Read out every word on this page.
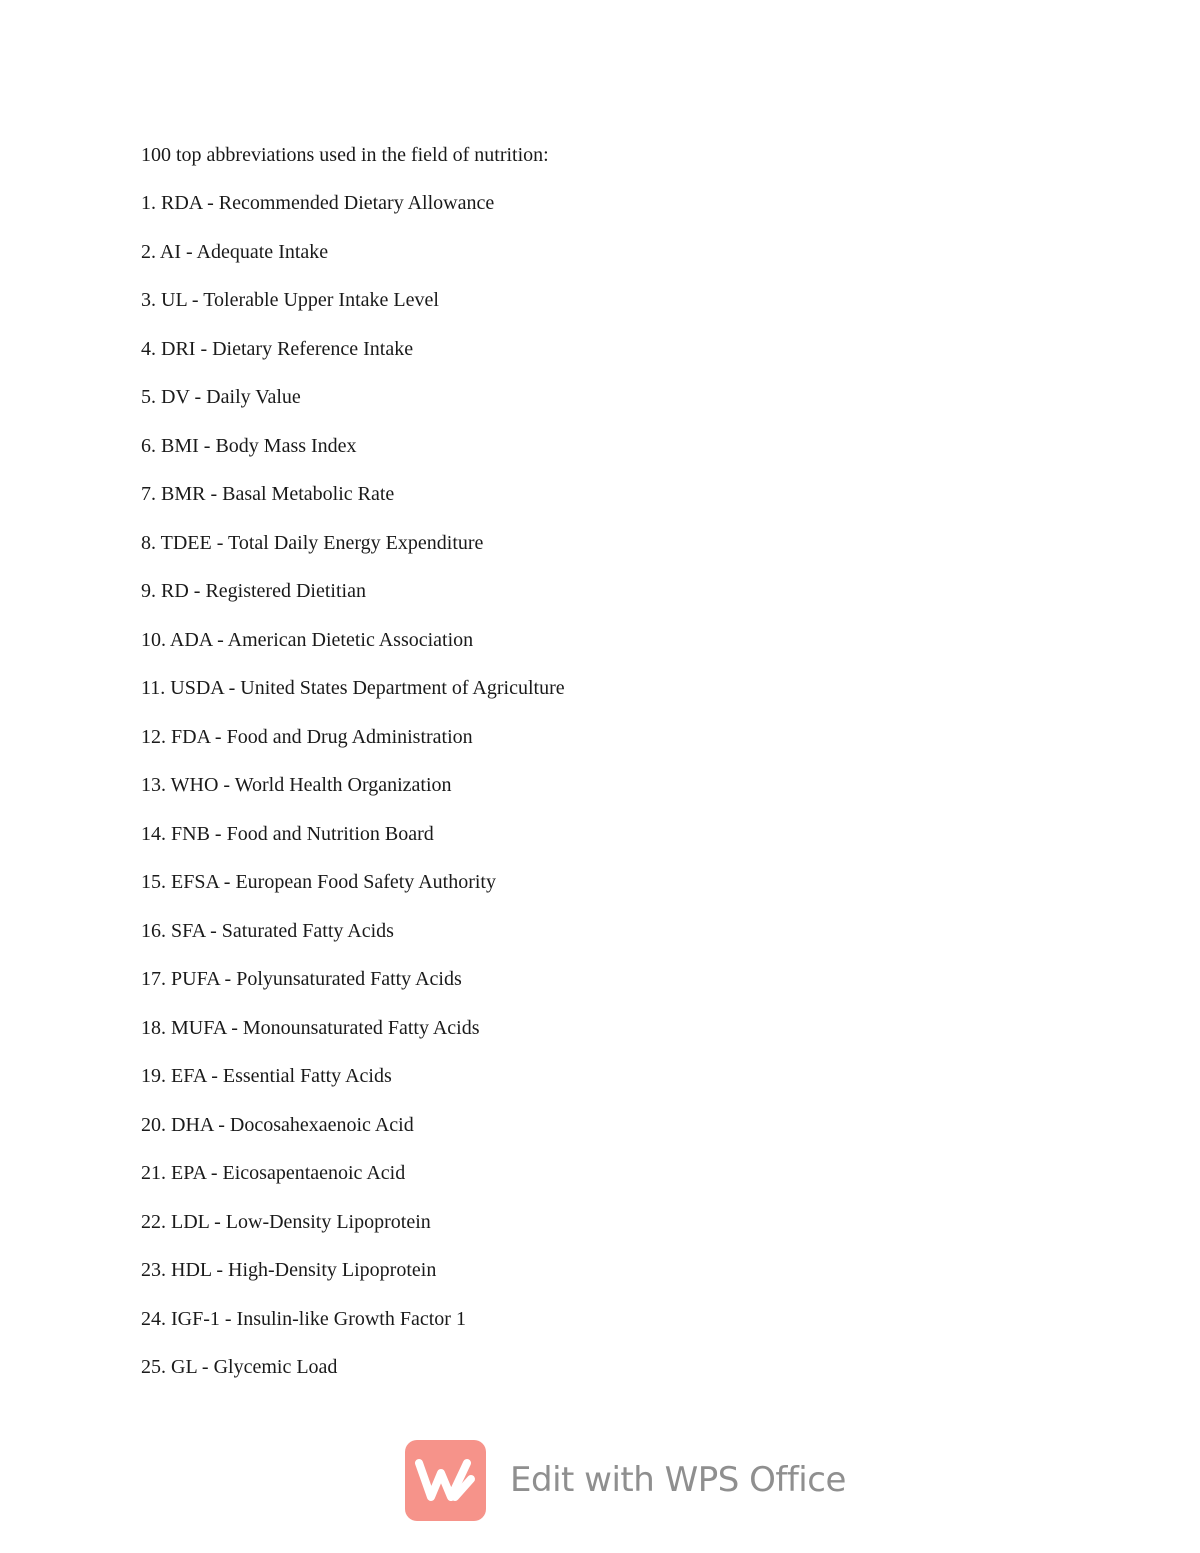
100 top abbreviations used in the field of nutrition:
1. RDA - Recommended Dietary Allowance
2. AI - Adequate Intake
3. UL - Tolerable Upper Intake Level
4. DRI - Dietary Reference Intake
5. DV - Daily Value
6. BMI - Body Mass Index
7. BMR - Basal Metabolic Rate
8. TDEE - Total Daily Energy Expenditure
9. RD - Registered Dietitian
10. ADA - American Dietetic Association
11. USDA - United States Department of Agriculture
12. FDA - Food and Drug Administration
13. WHO - World Health Organization
14. FNB - Food and Nutrition Board
15. EFSA - European Food Safety Authority
16. SFA - Saturated Fatty Acids
17. PUFA - Polyunsaturated Fatty Acids
18. MUFA - Monounsaturated Fatty Acids
19. EFA - Essential Fatty Acids
20. DHA - Docosahexaenoic Acid
21. EPA - Eicosapentaenoic Acid
22. LDL - Low-Density Lipoprotein
23. HDL - High-Density Lipoprotein
24. IGF-1 - Insulin-like Growth Factor 1
25. GL - Glycemic Load
Edit with WPS Office
